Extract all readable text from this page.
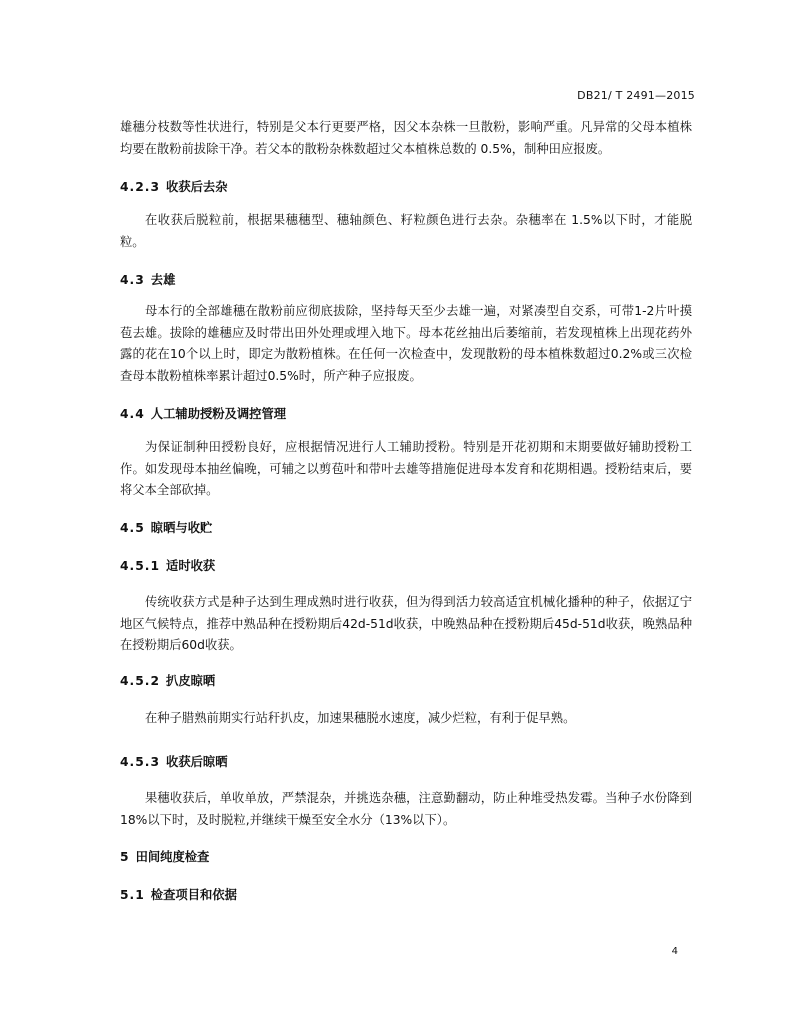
DB21/ T 2491—2015

雄穗分枝数等性状进行，特别是父本行更要严格，因父本杂株一旦散粉，影响严重。凡异常的父母本植株均要在散粉前拔除干净。若父本的散粉杂株数超过父本植株总数的 0.5%，制种田应报废。

4.2.3 收获后去杂

在收获后脱粒前，根据果穗穗型、穗轴颜色、籽粒颜色进行去杂。杂穗率在 1.5%以下时，才能脱粒。

4.3 去雄

母本行的全部雄穗在散粉前应彻底拔除，坚持每天至少去雄一遍，对紧凑型自交系，可带1-2片叶摸苞去雄。拔除的雄穗应及时带出田外处理或埋入地下。母本花丝抽出后萎缩前，若发现植株上出现花药外露的花在10个以上时，即定为散粉植株。在任何一次检查中，发现散粉的母本植株数超过0.2%或三次检查母本散粉植株率累计超过0.5%时，所产种子应报废。

4.4 人工辅助授粉及调控管理

为保证制种田授粉良好，应根据情况进行人工辅助授粉。特别是开花初期和末期要做好辅助授粉工作。如发现母本抽丝偏晚，可辅之以剪苞叶和带叶去雄等措施促进母本发育和花期相遇。授粉结束后，要将父本全部砍掉。

4.5 晾晒与收贮
4.5.1 适时收获

传统收获方式是种子达到生理成熟时进行收获，但为得到活力较高适宜机械化播种的种子，依据辽宁地区气候特点，推荐中熟品种在授粉期后42d-51d收获，中晚熟品种在授粉期后45d-51d收获，晚熟品种在授粉期后60d收获。

4.5.2 扒皮晾晒

在种子腊熟前期实行站秆扒皮，加速果穗脱水速度，减少烂粒，有利于促早熟。

4.5.3 收获后晾晒

果穗收获后，单收单放，严禁混杂，并挑选杂穗，注意勤翻动，防止种堆受热发霉。当种子水份降到18%以下时，及时脱粒,并继续干燥至安全水分（13%以下）。

5 田间纯度检查
5.1 检查项目和依据
4
